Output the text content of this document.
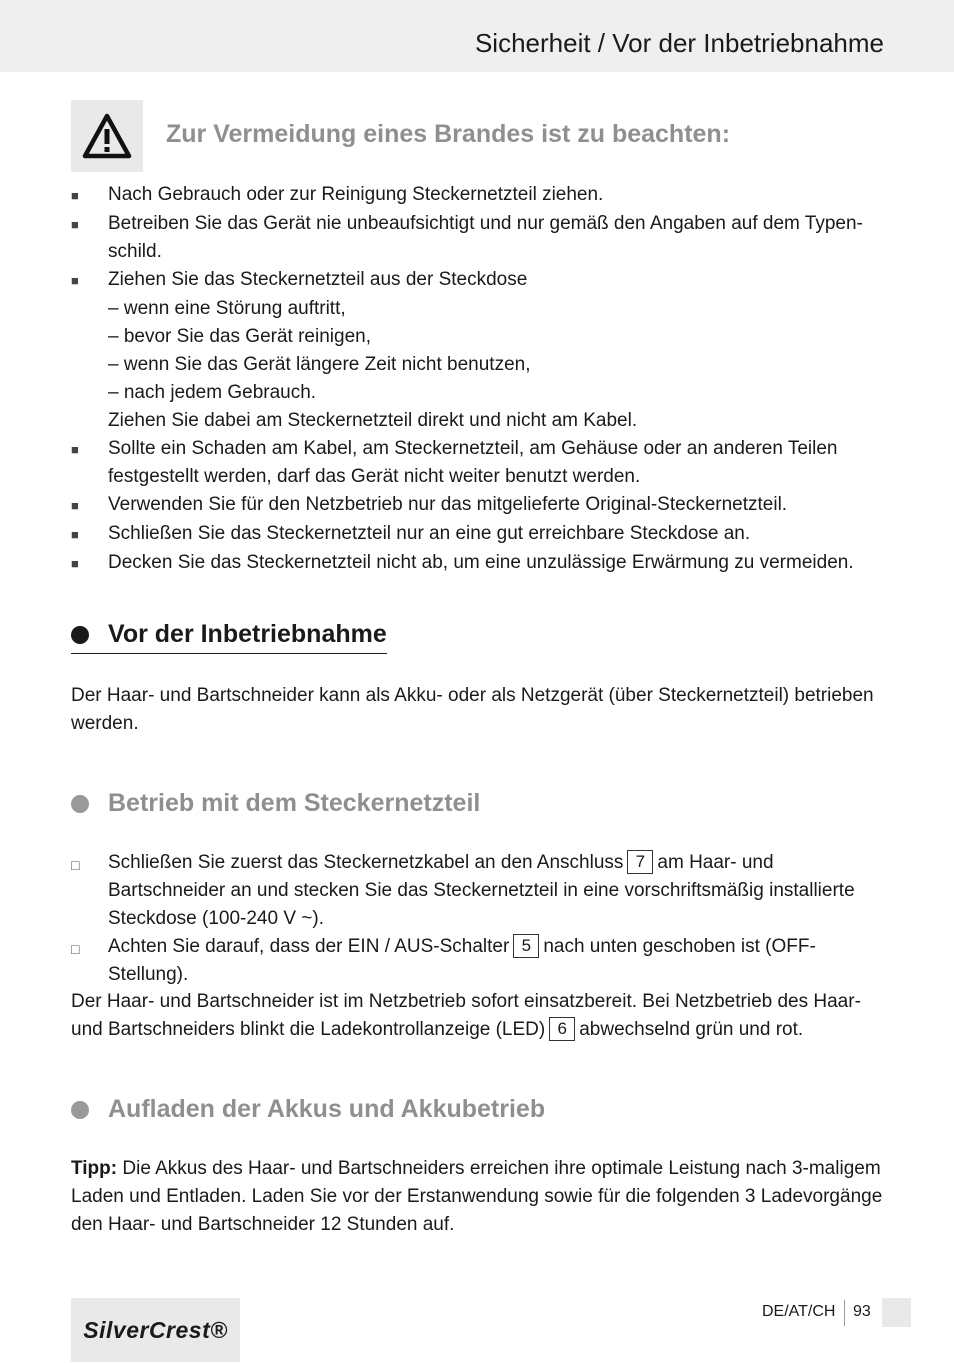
Sicherheit / Vor der Inbetriebnahme
Zur Vermeidung eines Brandes ist zu beachten:
■	Nach Gebrauch oder zur Reinigung Steckernetzteil ziehen.
■	Betreiben Sie das Gerät nie unbeaufsichtigt und nur gemäß den Angaben auf dem Typen-schild.
■	Ziehen Sie das Steckernetzteil aus der Steckdose
– wenn eine Störung auftritt,
– bevor Sie das Gerät reinigen,
– wenn Sie das Gerät längere Zeit nicht benutzen,
– nach jedem Gebrauch.
Ziehen Sie dabei am Steckernetzteil direkt und nicht am Kabel.
■	Sollte ein Schaden am Kabel, am Steckernetzteil, am Gehäuse oder an anderen Teilen festgestellt werden, darf das Gerät nicht weiter benutzt werden.
■	Verwenden Sie für den Netzbetrieb nur das mitgelieferte Original-Steckernetzteil.
■	Schließen Sie das Steckernetzteil nur an eine gut erreichbare Steckdose an.
■	Decken Sie das Steckernetzteil nicht ab, um eine unzulässige Erwärmung zu vermeiden.
Vor der Inbetriebnahme
Der Haar- und Bartschneider kann als Akku- oder als Netzgerät (über Steckernetzteil) betrieben werden.
Betrieb mit dem Steckernetzteil
□	Schließen Sie zuerst das Steckernetzkabel an den Anschluss 7 am Haar- und Bartschneider an und stecken Sie das Steckernetzteil in eine vorschriftsmäßig installierte Steckdose (100-240 V ~).
□	Achten Sie darauf, dass der EIN / AUS-Schalter 5 nach unten geschoben ist (OFF-Stellung).
Der Haar- und Bartschneider ist im Netzbetrieb sofort einsatzbereit. Bei Netzbetrieb des Haar- und Bartschneiders blinkt die Ladekontrollanzeige (LED) 6 abwechselnd grün und rot.
Aufladen der Akkus und Akkubetrieb
Tipp: Die Akkus des Haar- und Bartschneiders erreichen ihre optimale Leistung nach 3-maligem Laden und Entladen. Laden Sie vor der Erstanwendung sowie für die folgenden 3 Ladevorgänge den Haar- und Bartschneider 12 Stunden auf.
SilverCrest®
DE/AT/CH 93
